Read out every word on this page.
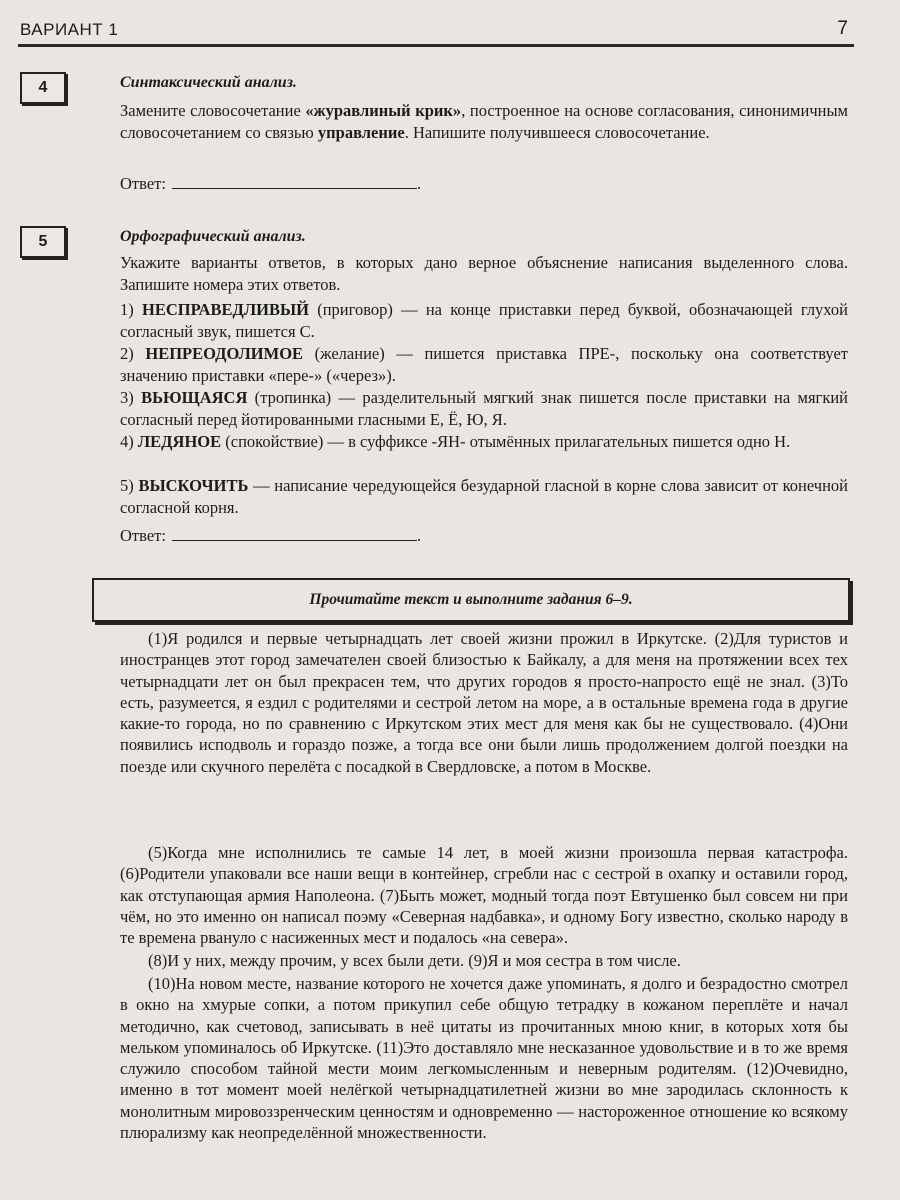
ВАРИАНТ 1	7
4	Синтаксический анализ.
Замените словосочетание «журавлиный крик», построенное на основе согласования, синонимичным словосочетанием со связью управление. Напишите получившееся словосочетание.
Ответ:	.
5	Орфографический анализ.
Укажите варианты ответов, в которых дано верное объяснение написания выделенного слова. Запишите номера этих ответов.
1) НЕСПРАВЕДЛИВЫЙ (приговор) — на конце приставки перед буквой, обозначающей глухой согласный звук, пишется С.
2) НЕПРЕОДОЛИМОЕ (желание) — пишется приставка ПРЕ-, поскольку она соответствует значению приставки «пере-» («через»).
3) ВЬЮЩАЯСЯ (тропинка) — разделительный мягкий знак пишется после приставки на мягкий согласный перед йотированными гласными Е, Ё, Ю, Я.
4) ЛЕДЯНОЕ (спокойствие) — в суффиксе -ЯН- отымённых прилагательных пишется одно Н.
5) ВЫСКОЧИТЬ — написание чередующейся безударной гласной в корне слова зависит от конечной согласной корня.
Ответ:	.
Прочитайте текст и выполните задания 6–9.
(1)Я родился и первые четырнадцать лет своей жизни прожил в Иркутске. (2)Для туристов и иностранцев этот город замечателен своей близостью к Байкалу, а для меня на протяжении всех тех четырнадцати лет он был прекрасен тем, что других городов я просто-напросто ещё не знал. (3)То есть, разумеется, я ездил с родителями и сестрой летом на море, а в остальные времена года в другие какие-то города, но по сравнению с Иркутском этих мест для меня как бы не существовало. (4)Они появились исподволь и гораздо позже, а тогда все они были лишь продолжением долгой поездки на поезде или скучного перелёта с посадкой в Свердловске, а потом в Москве.
(5)Когда мне исполнились те самые 14 лет, в моей жизни произошла первая катастрофа. (6)Родители упаковали все наши вещи в контейнер, сгребли нас с сестрой в охапку и оставили город, как отступающая армия Наполеона. (7)Быть может, модный тогда поэт Евтушенко был совсем ни при чём, но это именно он написал поэму «Северная надбавка», и одному Богу известно, сколько народу в те времена рвануло с насиженных мест и подалось «на севера».
(8)И у них, между прочим, у всех были дети. (9)Я и моя сестра в том числе.
(10)На новом месте, название которого не хочется даже упоминать, я долго и безрадостно смотрел в окно на хмурые сопки, а потом прикупил себе общую тетрадку в кожаном переплёте и начал методично, как счетовод, записывать в неё цитаты из прочитанных мною книг, в которых хотя бы мельком упоминалось об Иркутске. (11)Это доставляло мне несказанное удовольствие и в то же время служило способом тайной мести моим легкомысленным и неверным родителям. (12)Очевидно, именно в тот момент моей нелёгкой четырнадцатилетней жизни во мне зародилась склонность к монолитным мировоззренческим ценностям и одновременно — настороженное отношение ко всякому плюрализму как неопределённой множественности.
